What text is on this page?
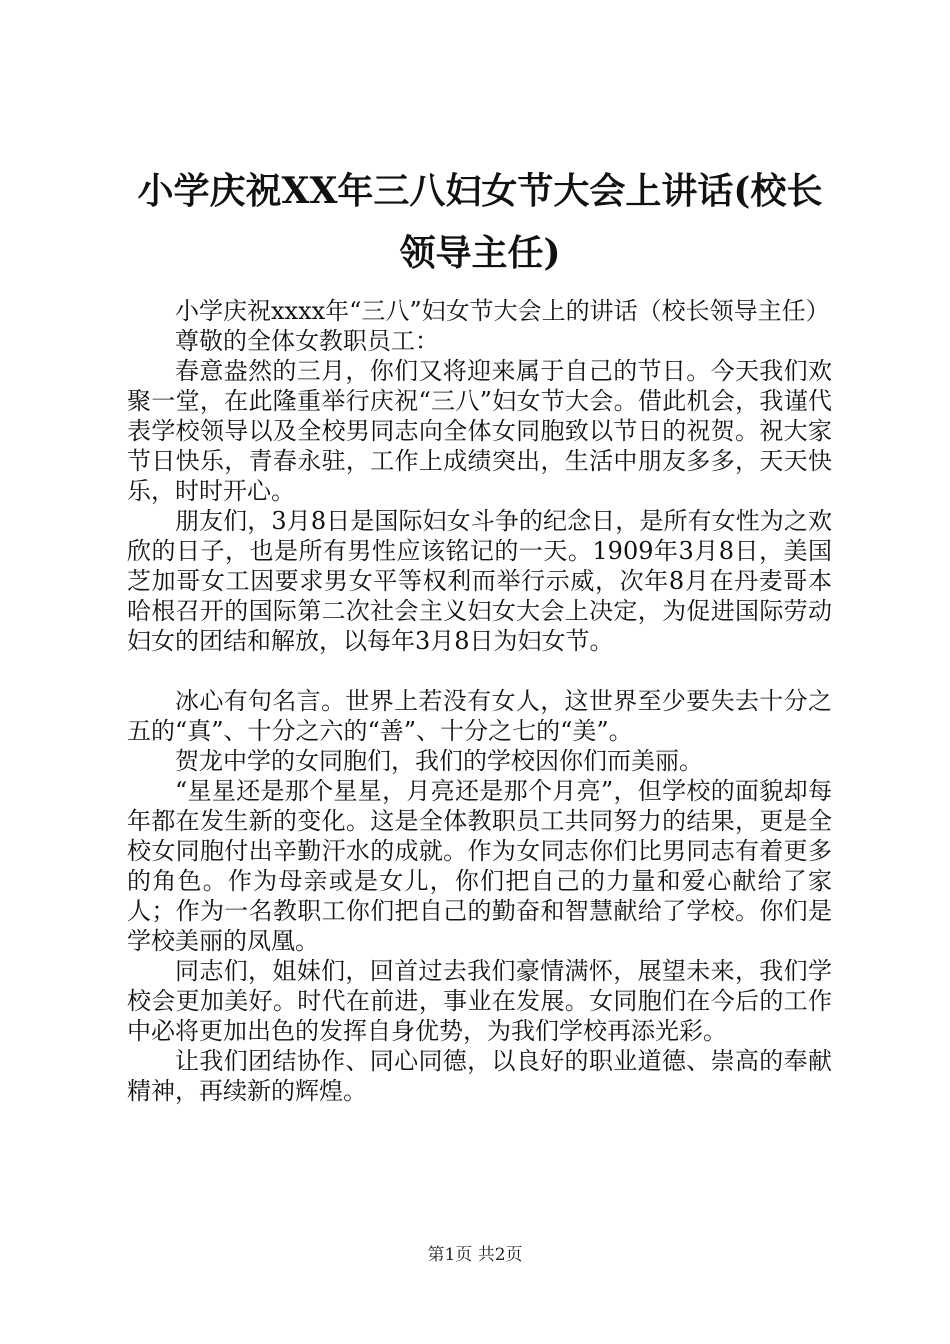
小学庆祝XX年三八妇女节大会上讲话(校长领导主任)

小学庆祝xxxx年“三八”妇女节大会上的讲话（校长领导主任）

尊敬的全体女教职员工：

春意盎然的三月，你们又将迎来属于自己的节日。今天我们欢聚一堂，在此隆重举行庆祝“三八”妇女节大会。借此机会，我谨代表学校领导以及全校男同志向全体女同胞致以节日的祝贺。祝大家节日快乐，青春永驻，工作上成绩突出，生活中朋友多多，天天快乐，时时开心。

朋友们，3月8日是国际妇女斗争的纪念日，是所有女性为之欢欣的日子，也是所有男性应该铭记的一天。1909年3月8日，美国芝加哥女工因要求男女平等权利而举行示威，次年8月在丹麦哥本哈根召开的国际第二次社会主义妇女大会上决定，为促进国际劳动妇女的团结和解放，以每年3月8日为妇女节。

冰心有句名言。世界上若没有女人，这世界至少要失去十分之五的“真”、十分之六的“善”、十分之七的“美”。

贺龙中学的女同胞们，我们的学校因你们而美丽。

“星星还是那个星星，月亮还是那个月亮”，但学校的面貌却每年都在发生新的变化。这是全体教职员工共同努力的结果，更是全校女同胞付出辛勤汗水的成就。作为女同志你们比男同志有着更多的角色。作为母亲或是女儿，你们把自己的力量和爱心献给了家人；作为一名教职工你们把自己的勤奋和智慧献给了学校。你们是学校美丽的凤凰。

同志们，姐妹们，回首过去我们豪情满怀，展望未来，我们学校会更加美好。时代在前进，事业在发展。女同胞们在今后的工作中必将更加出色的发挥自身优势，为我们学校再添光彩。

让我们团结协作、同心同德，以良好的职业道德、崇高的奉献精神，再续新的辉煌。

第1页 共2页
